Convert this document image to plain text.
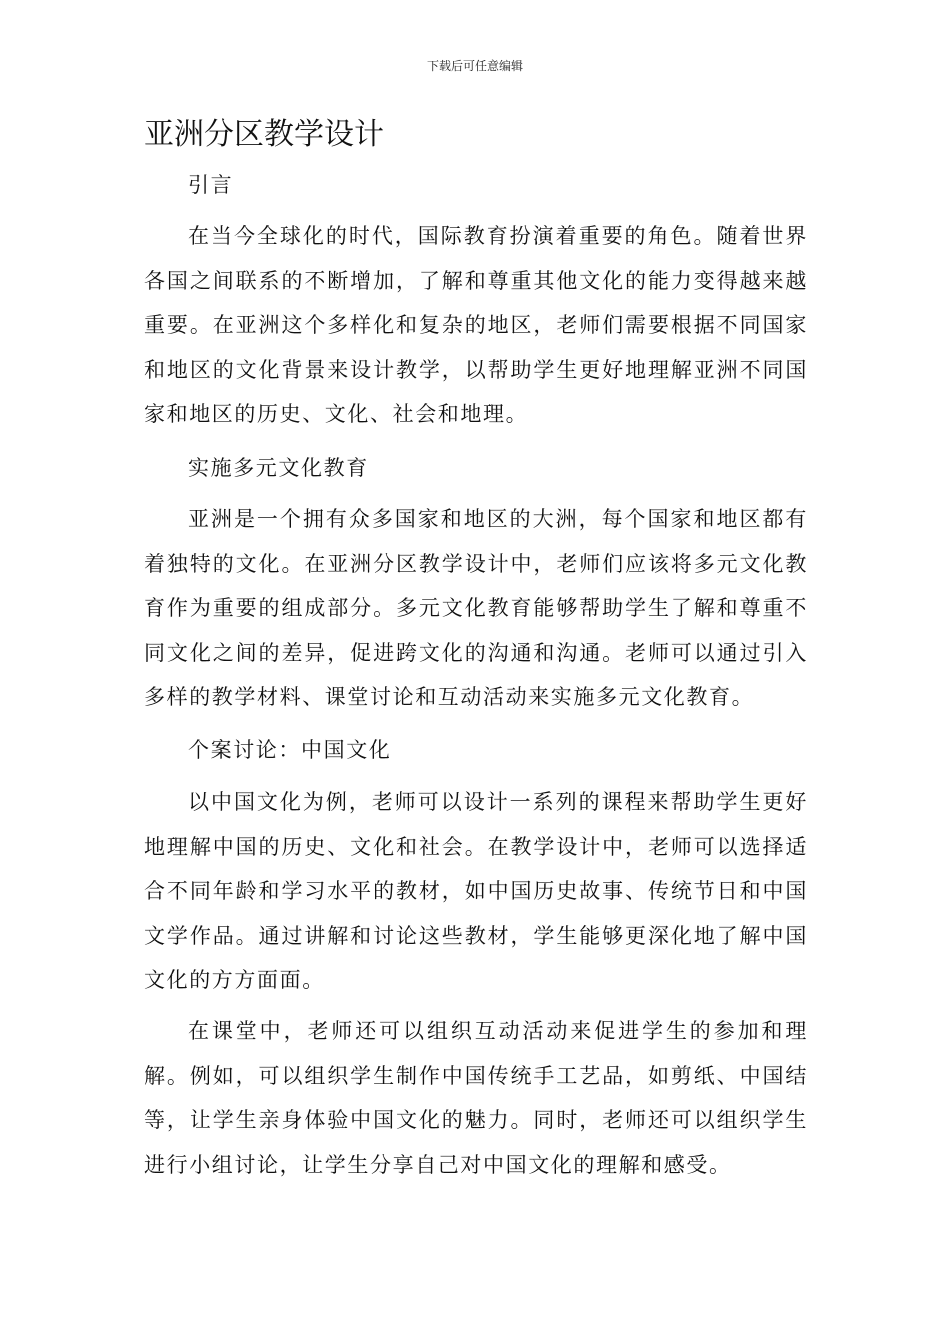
下载后可任意编辑
亚洲分区教学设计
引言

在当今全球化的时代，国际教育扮演着重要的角色。随着世界各国之间联系的不断增加，了解和尊重其他文化的能力变得越来越重要。在亚洲这个多样化和复杂的地区，老师们需要根据不同国家和地区的文化背景来设计教学，以帮助学生更好地理解亚洲不同国家和地区的历史、文化、社会和地理。

实施多元文化教育

亚洲是一个拥有众多国家和地区的大洲，每个国家和地区都有着独特的文化。在亚洲分区教学设计中，老师们应该将多元文化教育作为重要的组成部分。多元文化教育能够帮助学生了解和尊重不同文化之间的差异，促进跨文化的沟通和沟通。老师可以通过引入多样的教学材料、课堂讨论和互动活动来实施多元文化教育。

个案讨论：中国文化

以中国文化为例，老师可以设计一系列的课程来帮助学生更好地理解中国的历史、文化和社会。在教学设计中，老师可以选择适合不同年龄和学习水平的教材，如中国历史故事、传统节日和中国文学作品。通过讲解和讨论这些教材，学生能够更深化地了解中国文化的方方面面。

在课堂中，老师还可以组织互动活动来促进学生的参加和理解。例如，可以组织学生制作中国传统手工艺品，如剪纸、中国结等，让学生亲身体验中国文化的魅力。同时，老师还可以组织学生进行小组讨论，让学生分享自己对中国文化的理解和感受。
